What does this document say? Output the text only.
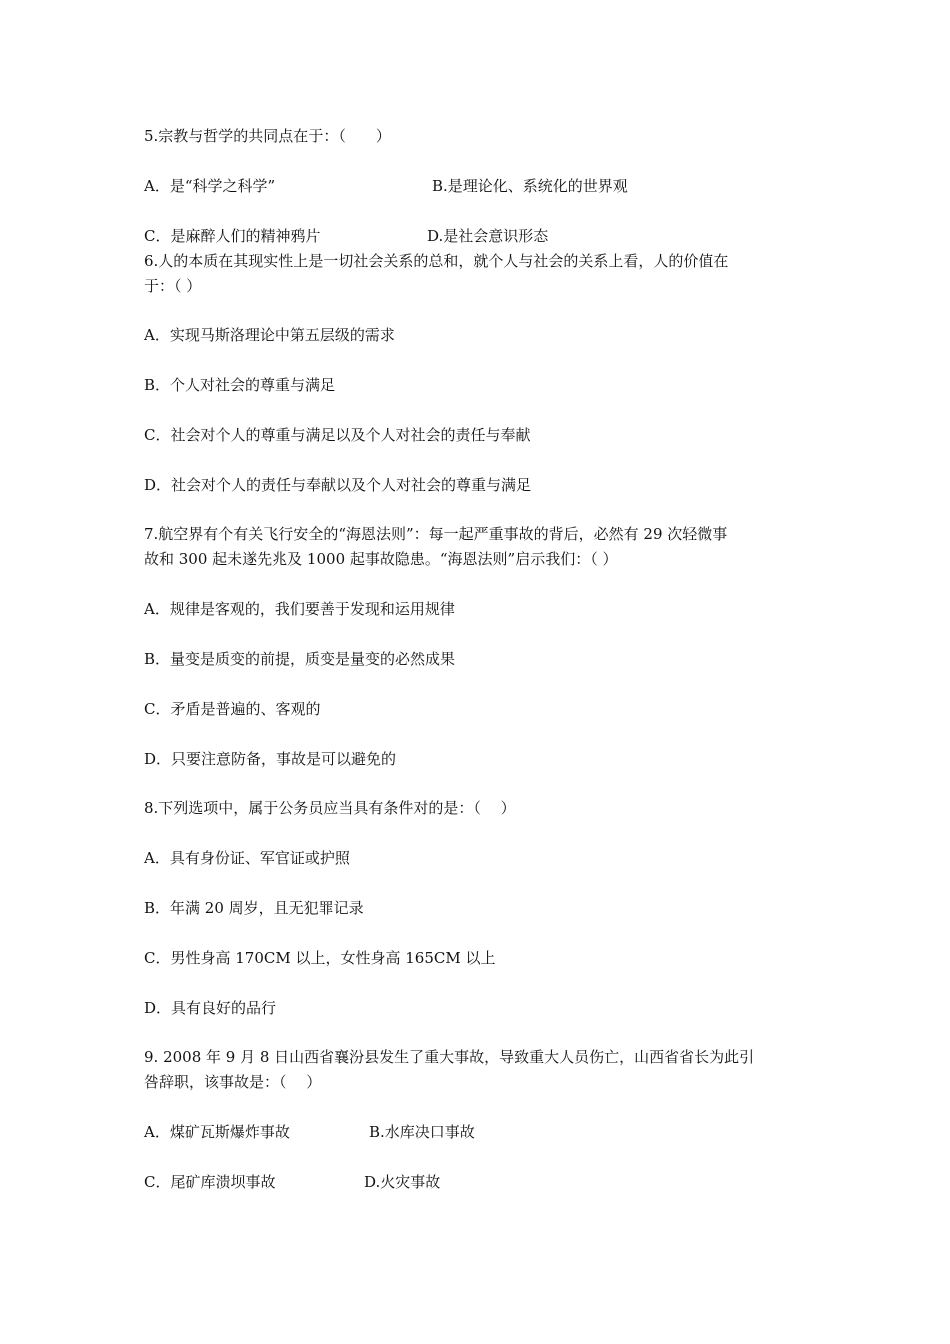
5.宗教与哲学的共同点在于：（　　）
A．是“科学之科学”	B.是理论化、系统化的世界观
C．是麻醉人们的精神鸦片	D.是社会意识形态
6.人的本质在其现实性上是一切社会关系的总和，就个人与社会的关系上看，人的价值在
于：（ ）
A．实现马斯洛理论中第五层级的需求
B．个人对社会的尊重与满足
C．社会对个人的尊重与满足以及个人对社会的责任与奉献
D．社会对个人的责任与奉献以及个人对社会的尊重与满足
7.航空界有个有关飞行安全的“海恩法则”：每一起严重事故的背后，必然有 29 次轻微事
故和 300 起未遂先兆及 1000 起事故隐患。“海恩法则”启示我们：（ ）
A．规律是客观的，我们要善于发现和运用规律
B．量变是质变的前提，质变是量变的必然成果
C．矛盾是普遍的、客观的
D．只要注意防备，事故是可以避免的
8.下列选项中，属于公务员应当具有条件对的是：（　 ）
A．具有身份证、军官证或护照
B．年满 20 周岁，且无犯罪记录
C．男性身高 170CM 以上，女性身高 165CM 以上
D．具有良好的品行
9. 2008 年 9 月 8 日山西省襄汾县发生了重大事故，导致重大人员伤亡，山西省省长为此引
咎辞职，该事故是：（　 ）
A．煤矿瓦斯爆炸事故	B.水库决口事故
C．尾矿库溃坝事故	D.火灾事故
